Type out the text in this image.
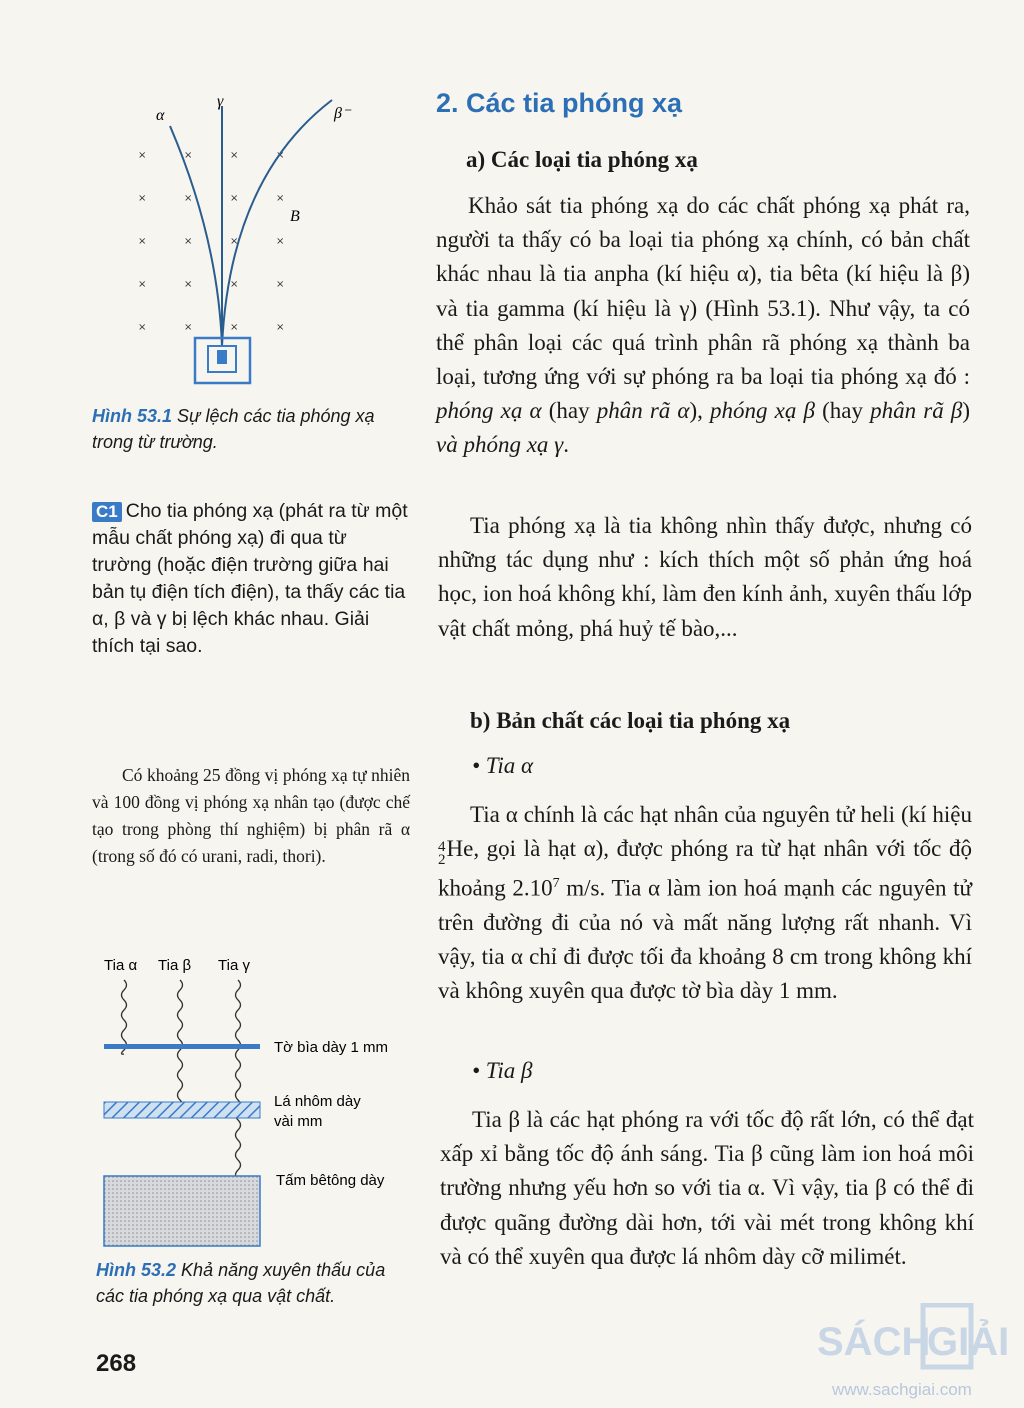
×	×	×	×
×	×	×	×
×	×	×	×
×	×	×	×
×	×	×	×
α
γ
β⁻
B⃗
Hình 53.1 Sự lệch các tia phóng xạ trong từ trường.
C1 Cho tia phóng xạ (phát ra từ một mẫu chất phóng xạ) đi qua từ trường (hoặc điện trường giữa hai bản tụ điện tích điện), ta thấy các tia α, β và γ bị lệch khác nhau. Giải thích tại sao.
Có khoảng 25 đồng vị phóng xạ tự nhiên và 100 đồng vị phóng xạ nhân tạo (được chế tạo trong phòng thí nghiệm) bị phân rã α (trong số đó có urani, radi, thori).
Tia α Tia β Tia γ
Tờ bìa dày 1 mm
Lá nhôm dày
vài mm
Tấm bêtông dày
Hình 53.2 Khả năng xuyên thấu của các tia phóng xạ qua vật chất.
2. Các tia phóng xạ
a) Các loại tia phóng xạ
Khảo sát tia phóng xạ do các chất phóng xạ phát ra, người ta thấy có ba loại tia phóng xạ chính, có bản chất khác nhau là tia anpha (kí hiệu α), tia bêta (kí hiệu là β) và tia gamma (kí hiệu là γ) (Hình 53.1). Như vậy, ta có thể phân loại các quá trình phân rã phóng xạ thành ba loại, tương ứng với sự phóng ra ba loại tia phóng xạ đó : phóng xạ α (hay phân rã α), phóng xạ β (hay phân rã β) và phóng xạ γ.
Tia phóng xạ là tia không nhìn thấy được, nhưng có những tác dụng như : kích thích một số phản ứng hoá học, ion hoá không khí, làm đen kính ảnh, xuyên thấu lớp vật chất mỏng, phá huỷ tế bào,...
b) Bản chất các loại tia phóng xạ
• Tia α
Tia α chính là các hạt nhân của nguyên tử heli (kí hiệu 4
2He, gọi là hạt α), được phóng ra từ hạt nhân với tốc độ khoảng 2.10$^7$ m/s. Tia α làm ion hoá mạnh các nguyên tử trên đường đi của nó và mất năng lượng rất nhanh. Vì vậy, tia α chỉ đi được tối đa khoảng 8 cm trong không khí và không xuyên qua được tờ bìa dày 1 mm.
• Tia β
Tia β là các hạt phóng ra với tốc độ rất lớn, có thể đạt xấp xỉ bằng tốc độ ánh sáng. Tia β cũng làm ion hoá môi trường nhưng yếu hơn so với tia α. Vì vậy, tia β có thể đi được quãng đường dài hơn, tới vài mét trong không khí và có thể xuyên qua được lá nhôm dày cỡ milimét.
268	SÁCH
GIẢI
www.sachgiai.com
